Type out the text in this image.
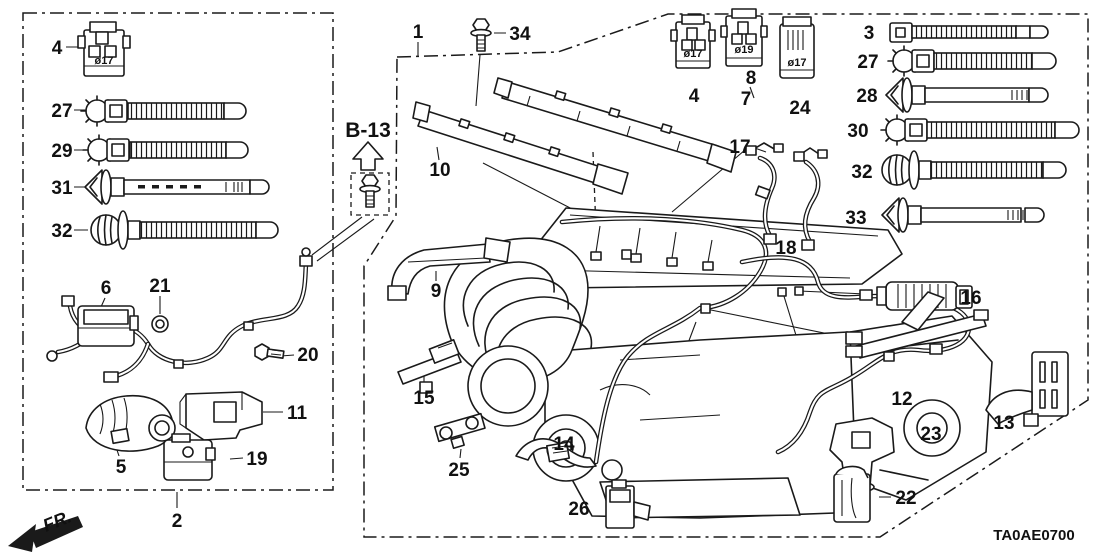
4
27
29
31
32
ø17
6 21
20
11
5	19
2
B-13
1	34
8
10
9
15
25
14
26
17
18
16
12
13
23
22
4 7 24
ø17	ø19
ø17
3
27
28
30
32
33
FR.	TA0AE0700
